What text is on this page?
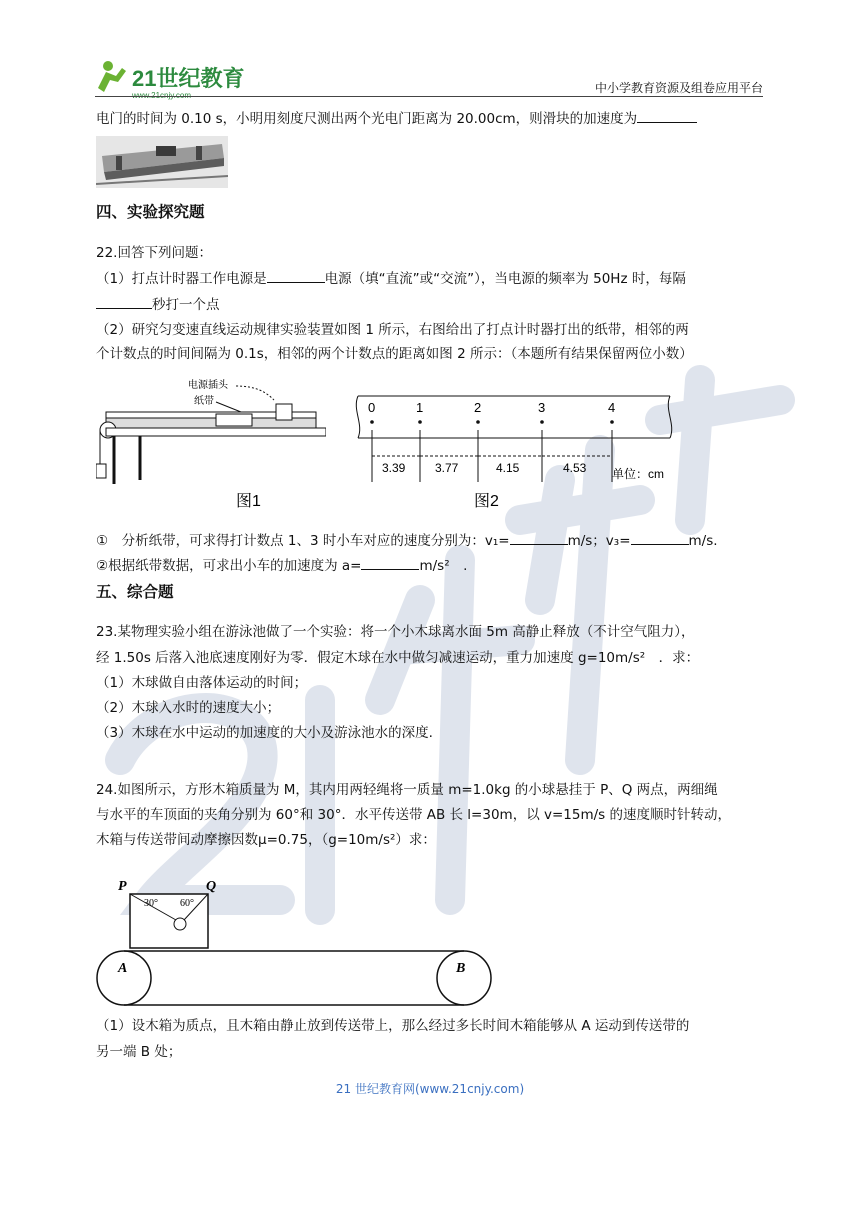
21世纪教育
www.21cnjy.com
中小学教育资源及组卷应用平台
电门的时间为 0.10 s，小明用刻度尺测出两个光电门距离为 20.00cm，则滑块的加速度为
四、实验探究题
22.回答下列问题：
（1）打点计时器工作电源是	电源（填“直流”或“交流”），当电源的频率为 50Hz 时，每隔
秒打一个点
（2）研究匀变速直线运动规律实验装置如图 1 所示，右图给出了打点计时器打出的纸带，相邻的两
个计数点的时间间隔为 0.1s，相邻的两个计数点的距离如图 2 所示：（本题所有结果保留两位小数）
电源插头
纸带
图1
0	1	2	3	4
3.39 3.77	4.15	4.53 单位：cm
图2
①　分析纸带，可求得打计数点 1、3 时小车对应的速度分别为：v₁=	m/s；v₃=	m/s.
②根据纸带数据，可求出小车的加速度为 a=	m/s²　.
五、综合题
23.某物理实验小组在游泳池做了一个实验：将一个小木球离水面 5m 高静止释放（不计空气阻力），
经 1.50s 后落入池底速度刚好为零．假定木球在水中做匀减速运动，重力加速度 g=10m/s²　．求：
（1）木球做自由落体运动的时间；
（2）木球入水时的速度大小；
（3）木球在水中运动的加速度的大小及游泳池水的深度.
24.如图所示，方形木箱质量为 M，其内用两轻绳将一质量 m=1.0kg 的小球悬挂于 P、Q 两点，两细绳
与水平的车顶面的夹角分别为 60°和 30°．水平传送带 AB 长 l=30m，以 v=15m/s 的速度顺时针转动，
木箱与传送带间动摩擦因数μ=0.75，（g=10m/s²）求：
P	Q
30° 60°
A	B
（1）设木箱为质点，且木箱由静止放到传送带上，那么经过多长时间木箱能够从 A 运动到传送带的
另一端 B 处；
21 世纪教育网(www.21cnjy.com)
